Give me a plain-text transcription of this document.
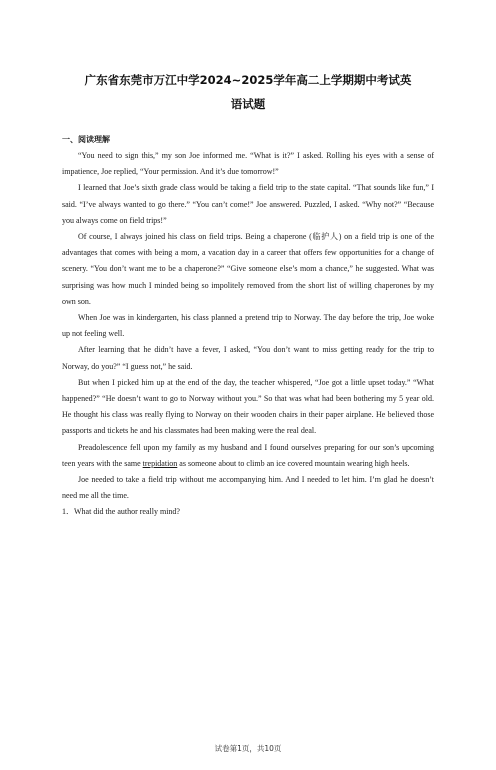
广东省东莞市万江中学2024~2025学年高二上学期期中考试英
语试题
一、阅读理解

“You need to sign this,” my son Joe informed me. “What is it?” I asked. Rolling his eyes with a sense of impatience, Joe replied, “Your permission. And it’s due tomorrow!”

I learned that Joe’s sixth grade class would be taking a field trip to the state capital. “That sounds like fun,” I said. “I’ve always wanted to go there.” “You can’t come!” Joe answered. Puzzled, I asked. “Why not?” “Because you always come on field trips!”

Of course, I always joined his class on field trips. Being a chaperone (临护人) on a field trip is one of the advantages that comes with being a mom, a vacation day in a career that offers few opportunities for a change of scenery. “You don’t want me to be a chaperone?” “Give someone else’s mom a chance,” he suggested. What was surprising was how much I minded being so impolitely removed from the short list of willing chaperones by my own son.

When Joe was in kindergarten, his class planned a pretend trip to Norway. The day before the trip, Joe woke up not feeling well.

After learning that he didn’t have a fever, I asked, “You don’t want to miss getting ready for the trip to Norway, do you?” “I guess not,” he said.

But when I picked him up at the end of the day, the teacher whispered, “Joe got a little upset today.” “What happened?” “He doesn’t want to go to Norway without you.” So that was what had been bothering my 5 year old. He thought his class was really flying to Norway on their wooden chairs in their paper airplane. He believed those passports and tickets he and his classmates had been making were the real deal.

Preadolescence fell upon my family as my husband and I found ourselves preparing for our son’s upcoming teen years with the same trepidation as someone about to climb an ice covered mountain wearing high heels.

Joe needed to take a field trip without me accompanying him. And I needed to let him. I’m glad he doesn’t need me all the time.

1．What did the author really mind?

试卷第1页，共10页
